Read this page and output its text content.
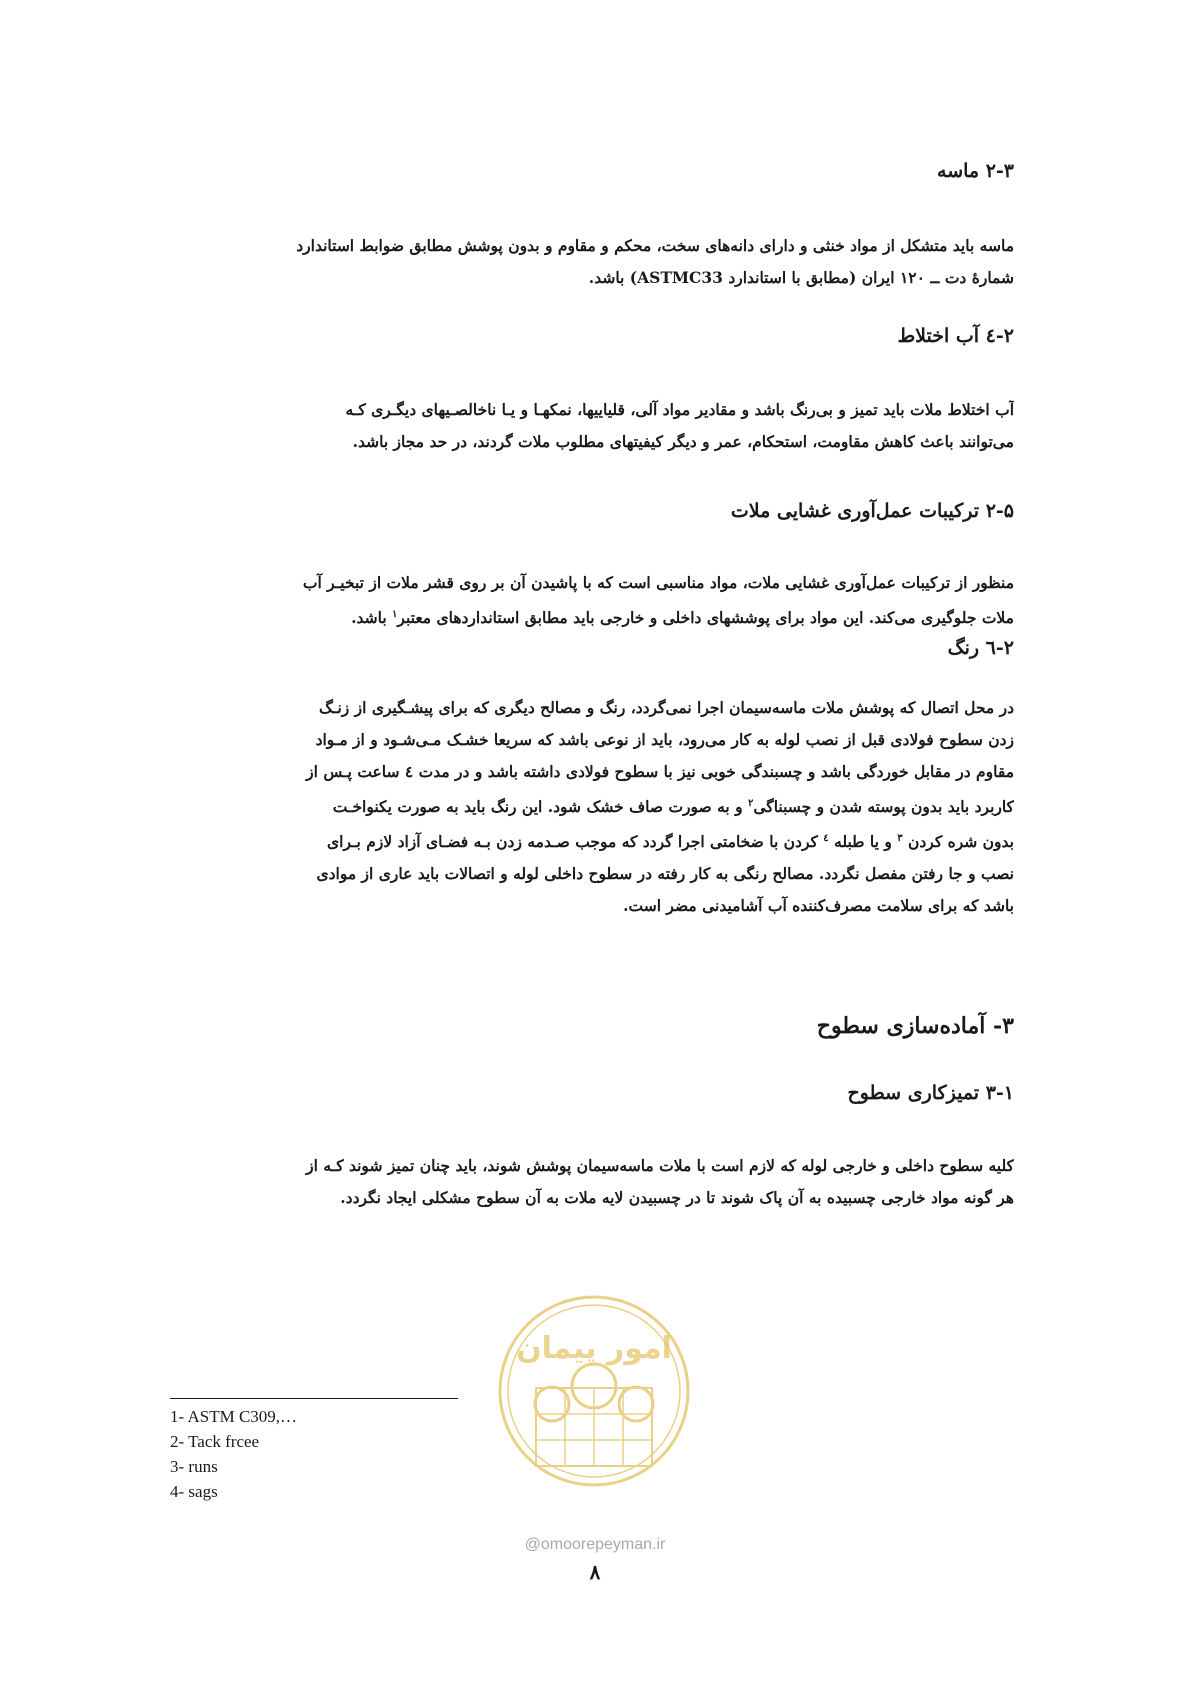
۲-۳ ماسه
ماسه باید متشکل از مواد خنثی و دارای دانه‌های سخت، محکم و مقاوم و بدون پوشش مطابق ضوابط استاندارد
شمارهٔ دت ــ ۱۲۰ ایران (مطابق با استاندارد ASTMC33) باشد.
۲-٤ آب اختلاط
آب اختلاط ملات باید تمیز و بی‌رنگ باشد و مقادیر مواد آلی، قلیاییها، نمکهـا و یـا ناخالصـیهای دیگـری کـه
می‌توانند باعث کاهش مقاومت، استحکام، عمر و دیگر کیفیتهای مطلوب ملات گردند، در حد مجاز باشد.
۲-۵ ترکیبات عمل‌آوری غشایی ملات
منظور از ترکیبات عمل‌آوری غشایی ملات، مواد مناسبی است که با پاشیدن آن بر روی قشر ملات از تبخیـر آب
ملات جلوگیری می‌کند. این مواد برای پوششهای داخلی و خارجی باید مطابق استانداردهای معتبر$^۱$ باشد.
۲-٦ رنگ
در محل اتصال که پوشش ملات ماسه‌سیمان اجرا نمی‌گردد، رنگ و مصالح دیگری که برای پیشـگیری از زنـگ
زدن سطوح فولادی قبل از نصب لوله به کار می‌رود، باید از نوعی باشد که سریعا خشـک مـی‌شـود و از مـواد
مقاوم در مقابل خوردگی باشد و چسبندگی خوبی نیز با سطوح فولادی داشته باشد و در مدت ٤ ساعت پـس از
کاربرد باید بدون پوسته شدن و چسبناگی$^۲$ و به صورت صاف خشک شود. این رنگ باید به صورت یکنواخـت
بدون شره کردن $^۳$ و یا طبله $^٤$ کردن با ضخامتی اجرا گردد که موجب صـدمه زدن بـه فضـای آزاد لازم بـرای
نصب و جا رفتن مفصل نگردد. مصالح رنگی به کار رفته در سطوح داخلی لوله و اتصالات باید عاری از موادی
باشد که برای سلامت مصرف‌کننده آب آشامیدنی مضر است.
۳- آماده‌سازی سطوح
۳-۱ تمیزکاری سطوح
کلیه سطوح داخلی و خارجی لوله که لازم است با ملات ماسه‌سیمان پوشش شوند، باید چنان تمیز شوند کـه از
هر گونه مواد خارجی چسبیده به آن پاک شوند تا در چسبیدن لایه ملات به آن سطوح مشکلی ایجاد نگردد.
امور پیمان
@omoorepeyman.ir
1- ASTM C309,…
2- Tack frcee
3- runs
4- sags
۸
